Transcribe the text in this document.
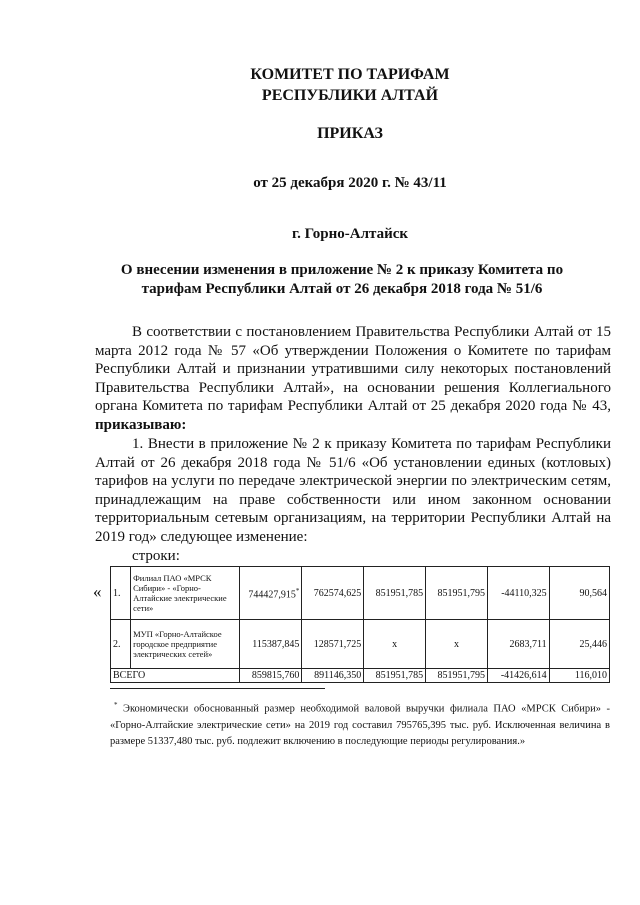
КОМИТЕТ ПО ТАРИФАМ
РЕСПУБЛИКИ АЛТАЙ
ПРИКАЗ
от 25 декабря 2020 г. № 43/11
г. Горно-Алтайск
О внесении изменения в приложение № 2 к приказу Комитета по
тарифам Республики Алтай от 26 декабря 2018 года № 51/6

В соответствии с постановлением Правительства Республики Алтай от 15 марта 2012 года № 57 «Об утверждении Положения о Комитете по тарифам Республики Алтай и признании утратившими силу некоторых постановлений Правительства Республики Алтай», на основании решения Коллегиального органа Комитета по тарифам Республики Алтай от 25 декабря 2020 года № 43, приказываю:

1. Внести в приложение № 2 к приказу Комитета по тарифам Республики Алтай от 26 декабря 2018 года № 51/6 «Об установлении единых (котловых) тарифов на услуги по передаче электрической энергии по электрическим сетям, принадлежащим на праве собственности или ином законном основании территориальным сетевым организациям, на территории Республики Алтай на 2019 год» следующее изменение:

строки:

« 1.	Филиал ПАО «МРСК Сибири» - «Горно-Алтайские электрические сети»	744427,915*	762574,625	851951,785	851951,795	-44110,325	90,564
2.	МУП «Горно-Алтайское городское предприятие электрических сетей»	115387,845	128571,725	x	x	2683,711	25,446
ВСЕГО		859815,760	891146,350	851951,785	851951,795	-41426,614	116,010

* Экономически обоснованный размер необходимой валовой выручки филиала ПАО «МРСК Сибири» - «Горно-Алтайские электрические сети» на 2019 год составил 795765,395 тыс. руб. Исключенная величина в размере 51337,480 тыс. руб. подлежит включению в последующие периоды регулирования.»
